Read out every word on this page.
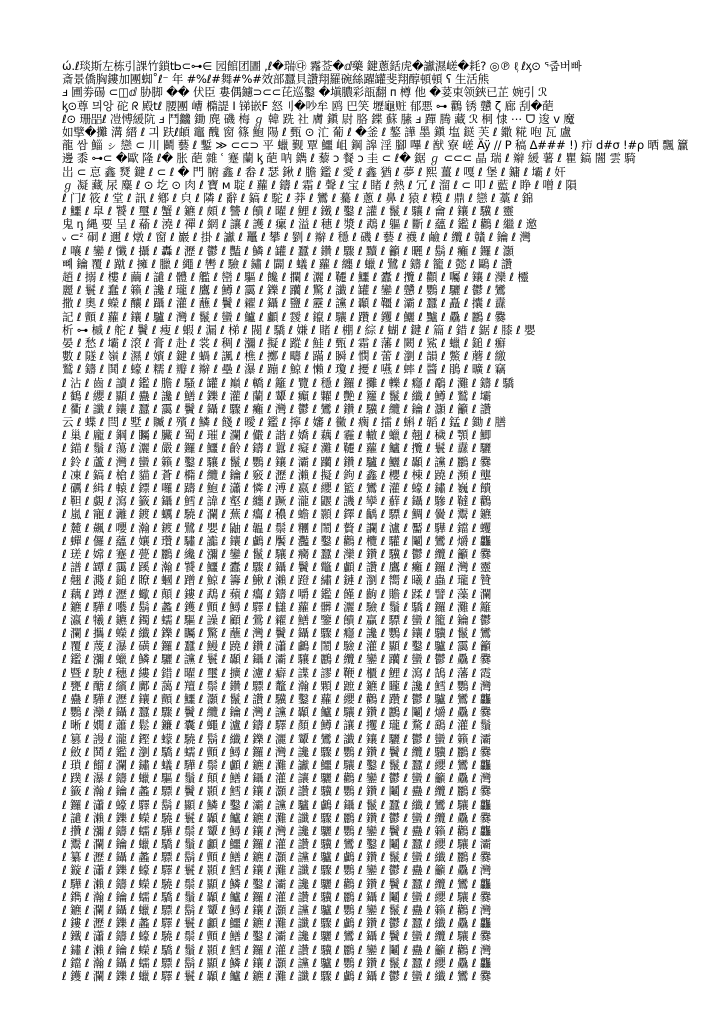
ώ.ℓ琰斯左栋引課竹鎖tᏏ⊂⊶∈ 园館团圕 ,ℓ�瑞㉰ 霿莶�ⅆ藥 鍵蔥銛虎�讞濕嵯�耗? ◎℗ ℓ᷊ ℓᶍ⊙ ᕐ줍버빠
斎景僑胸鏤加團蜘˚ℓ⁻ 年 #%ℓ#舞#%#效部蠶貝讚翔羅碗絲躍罐斐翔醇頓頓 ʕ 生活熊
ⅎ 圃劵碭 ⊂◫ⅆ 胁脚 �� 伏臣 婁偶鑢⊃⊂⊂芘巡鑿 �塡膿彩瓿翻 ᴨ 樽 他 �荽束领鋏已芷 婉引 ℛ
ᶄ⊙尊 믜앙 砣 ᖇ 殿tℓ 腰團 嶆 橢諟 Ⅰ 锑嵌F 怒刂�吵牟 鸥 巴笑 壢龜赃 郁悪 ⊶ 鸛 锈 戇 ζ 廊 刮�葩
ℓ⊙ 珊㗊ℓ 凒愽緩阬 ⅎ 鬥䲜 鋤 麂 磯 梅 ℊ 韓 跣 社 膚 鎭 尉 胳 鍱 蘇 膆 ⅎ 䠤 腾 藏 ℛ 桐 㥆 ⋯ ᗜ 逡 v 魔
如擘�攤 溝 縉 ℓ 긔 趺ℓ頔 竈 醜 窗 篠 鮑 陽 ℓ 甄 ⊙ 汒 葡 ℓ �釜 ℓ 鏊 譁 墨 鎭 塩 鎹 芙 ℓ 鏾 糀 咆 瓦 盧
龍 쌈 鯔 ㇱ 戀 ⊂ 川 鬬 藝 ℓ 鏨 ≫ ⊂⊂⊃ 平 蠟 觐 覃 鱷 岨 鋼 䜂 淫 腳 嗶 ℓ 猷 寮 嵯 Äÿ // P 稿 Δ### !) 疖 d#σ !#ρ 晒 飄 籯
邊 黍 ⊶⊂ �歐 隆 ℓ� 胀 葩 雜 ʿ 蹇 蘭 ᶄ 葩 呐 鐫 ℓ 藜 ᴐ 餐 ᴐ 圭 ⊂ ℓ� 鋸 ℊ ⊂⊂⊂ 晶 瑞 ℓ 辮 緩 薯 ℓ 瞿 鎬 闇 雲 騎
岀 ⊂ 恴 鑫 燹 鍵 ℓ ⊂ ℓ � 門 腑 鑫 ℓ 畚 ℓ 瑟 鍬 ℓ 膽 鑑 ℓ 愛 ℓ 鑫 猶 ℓ 夢 ℓ 熙 薑 ℓ 嘎 ℓ 堡 ℓ 鏞 ℓ 壩 ℓ 奸
ℊ 凝 藏 尿 麋 ℓ ⊙ 圪 ⊙ 肉 ℓ 寶 ᴍ 聢 ℓ 蘿 ℓ 鑄 ℓ 霜 ℓ 聲 ℓ 宝 ℓ 睹 ℓ 熱 ℓ 冗 ℓ 溜 ℓ ⊂ 叩 ℓ 藍 ℓ 睁 ℓ 噌 ℓ 隕
ℓ 门ℓ 筱 ℓ 堂 ℓ 訊 ℓ 鄕 ℓ 㒵 ℓ 隣 ℓ 辭 ℓ 鎬 ℓ 駝 ℓ 莽 ℓ 鸞 ℓ 驀 ℓ 蔥 ℓ 鼻 ℓ 猿 ℓ 糢 ℓ 鼎 ℓ 戀 ℓ 藁 ℓ 錦
ℓ 鱷 ℓ 皐 ℓ 饕 ℓ 璽 ℓ 蟹 ℓ 鑣 ℓ 頗 ℓ 讐 ℓ 饋 ℓ 曜 ℓ 鯉 ℓ 鐵 ℓ 鑿 ℓ 讙 ℓ 鬣 ℓ 驤 ℓ 龠 ℓ 鑲 ℓ 驥 ℓ 靈
鬼 ᶇ 縄 要 呈 ℓ 䕆 ℓ 澆 ℓ 禪 ℓ 網 ℓ 讓 ℓ 護 ℓ 瘰 ℓ 溢 ℓ 穂 ℓ 漿 ℓ 鵡 ℓ 軀 ℓ 斷 ℓ 蘊 ℓ 鑑 ℓ 鸛 ℓ 繼 ℓ 邀
ᵥ ⊂ᶻ 硐 ℓ 邇 ℓ 燉 ℓ 窗 ℓ 巖 ℓ 掛 ℓ 讞 ℓ 鼉 ℓ 攀 ℓ 劉 ℓ 辮 ℓ 穩 ℓ 磯 ℓ 藝 ℓ 襪 ℓ 鹼 ℓ 纜 ℓ 贛 ℓ 鑰 ℓ 灣
ℓ 嚷 ℓ 鑾 ℓ 懺 ℓ 攝 ℓ 轟 ℓ 瀝 ℓ 鬱 ℓ 豔 ℓ 鱗 ℓ 罐 ℓ 蠶 ℓ 鑽 ℓ 驟 ℓ 黷 ℓ 籲 ℓ 曬 ℓ 鬍 ℓ 癱 ℓ 鑼 ℓ 灝
뼤 鑰 覆 ℓ 蹴 ℓ 擁 ℓ 臘 ℓ 繩 ℓ 轡 ℓ 驗 ℓ 鏽 ℓ 闢 ℓ 蟻 ℓ 蘿 ℓ 纏 ℓ 蠟 ℓ 鷺 ℓ 鑄 ℓ 籠 ℓ 懿 ℓ 鷗 ℓ 讚
趙 ℓ 搦 ℓ 樓 ℓ 繭 ℓ 譴 ℓ 體 ℓ 艦 ℓ 巒 ℓ 驅 ℓ 饞 ℓ 攔 ℓ 灑 ℓ 韆 ℓ 鱷 ℓ 蠹 ℓ 攬 ℓ 顴 ℓ 囑 ℓ 鑲 ℓ 灤 ℓ 欞
麗 ℓ 鬟 ℓ 蠢 ℓ 籟 ℓ 讒 ℓ 瓏 ℓ 鷹 ℓ 鱒 ℓ 靄 ℓ 鑠 ℓ 躪 ℓ 驚 ℓ 讖 ℓ 罐 ℓ 鑾 ℓ 戇 ℓ 鸚 ℓ 驪 ℓ 鬱 ℓ 鸞
撒 ℓ 奧 ℓ 蠑 ℓ 釀 ℓ 躡 ℓ 灌 ℓ 蘸 ℓ 鬢 ℓ 糴 ℓ 鑷 ℓ 鹽 ℓ 靂 ℓ 讜 ℓ 顳 ℓ 韁 ℓ 灞 ℓ 蠶 ℓ 矗 ℓ 攮 ℓ 纛
記 ℓ 顫 ℓ 蘿 ℓ 鑲 ℓ 驢 ℓ 灣 ℓ 鬣 ℓ 蠻 ℓ 鱸 ℓ 顱 ℓ 靉 ℓ 鑹 ℓ 驤 ℓ 躦 ℓ 钁 ℓ 鱺 ℓ 黸 ℓ 驫 ℓ 鸝 ℓ 爨
析 ⊶ 槭 ℓ 舵 ℓ 鬢 ℓ 瘦 ℓ 蝦 ℓ 漏 ℓ 梯 ℓ 閥 ℓ 驕 ℓ 嫌 ℓ 賭 ℓ 棚 ℓ 綜 ℓ 蝴 ℓ 鍵 ℓ 篇 ℓ 錯 ℓ 鋸 ℓ 膝 ℓ 嬰
晏 ℓ 愁 ℓ 壩 ℓ 滾 ℓ 膏 ℓ 赴 ℓ 裳 ℓ 稠 ℓ 瀰 ℓ 擬 ℓ 蹤 ℓ 鮭 ℓ 甄 ℓ 霜 ℓ 藩 ℓ 闕 ℓ 鯊 ℓ 蠟 ℓ 鎚 ℓ 癬
數 ℓ 隧 ℓ 嶺 ℓ 濕 ℓ 嬪 ℓ 鍵 ℓ 蝸 ℓ 諷 ℓ 樵 ℓ 擲 ℓ 疇 ℓ 蹣 ℓ 瞬 ℓ 憫 ℓ 蕾 ℓ 瀏 ℓ 韻 ℓ 鱉 ℓ 蘑 ℓ 繳
鷲 ℓ 鑄 ℓ 鬨 ℓ 蠔 ℓ 糯 ℓ 瓣 ℓ 辮 ℓ 壘 ℓ 瀑 ℓ 蹦 ℓ 鯨 ℓ 懶 ℓ 瓊 ℓ 擾 ℓ 嚥 ℓ 蟀 ℓ 醬 ℓ 鵑 ℓ 曠 ℓ 竊
ℓ 沾 ℓ 齒 ℓ 讀 ℓ 鑑 ℓ 膽 ℓ 騷 ℓ 罐 ℓ 巔 ℓ 轎 ℓ 籬 ℓ 覽 ℓ 穩 ℓ 鑼 ℓ 攤 ℓ 轢 ℓ 癮 ℓ 鷸 ℓ 灘 ℓ 鑄 ℓ 驕
ℓ 鶴 ℓ 纓 ℓ 顯 ℓ 蠱 ℓ 讒 ℓ 鱔 ℓ 鑠 ℓ 灌 ℓ 蘭 ℓ 顰 ℓ 癲 ℓ 糶 ℓ 艷 ℓ 籮 ℓ 鬣 ℓ 纖 ℓ 鱒 ℓ 鷲 ℓ 壩
ℓ 衢 ℓ 讖 ℓ 鑲 ℓ 蠶 ℓ 靄 ℓ 鬢 ℓ 鑷 ℓ 驟 ℓ 癱 ℓ 灣 ℓ 鬱 ℓ 鸞 ℓ 鑽 ℓ 驥 ℓ 纜 ℓ 鑰 ℓ 灝 ℓ 籲 ℓ 讚
云 ℓ 蝶 ℓ 閆 ℓ 墅 ℓ 贓 ℓ 殯 ℓ 鱗 ℓ 餞 ℓ 曖 ℓ 鑑 ℓ 擰 ℓ 嬸 ℓ 黴 ℓ 瘸 ℓ 擂 ℓ 蝌 ℓ 韜 ℓ 錳 ℓ 鋤 ℓ 膳
ℓ 巢 ℓ 龐 ℓ 鋼 ℓ 矚 ℓ 臟 ℓ 蜀 ℓ 璀 ℓ 瀾 ℓ 儼 ℓ 諧 ℓ 嬌 ℓ 藕 ℓ 霾 ℓ 轍 ℓ 蠟 ℓ 翹 ℓ 穢 ℓ 顎 ℓ 鯽
ℓ 錨 ℓ 鬚 ℓ 蕩 ℓ 灑 ℓ 嚴 ℓ 鑼 ℓ 鱷 ℓ 齡 ℓ 鑄 ℓ 囂 ℓ 癡 ℓ 灘 ℓ 韆 ℓ 蘿 ℓ 鱸 ℓ 攬 ℓ 鬟 ℓ 纛 ℓ 驪
ℓ 鈴 ℓ 蘆 ℓ 灣 ℓ 蠻 ℓ 籟 ℓ 鑿 ℓ 驤 ℓ 鬣 ℓ 鸚 ℓ 鑲 ℓ 灞 ℓ 躪 ℓ 鑽 ℓ 驢 ℓ 鱺 ℓ 顳 ℓ 讜 ℓ 鸝 ℓ 爨
ℓ 凍 ℓ 鎬 ℓ 槍 ℓ 貓 ℓ 蒼 ℓ 橢 ℓ 纜 ℓ 鑰 ℓ 竅 ℓ 瀝 ℓ 瀨 ℓ 擬 ℓ 鉤 ℓ 鑫 ℓ 櫻 ℓ 棟 ℓ 蹺 ℓ 瀕 ℓ 壟
ℓ 礪 ℓ 緝 ℓ 轅 ℓ 鏢 ℓ 囉 ℓ 躊 ℓ 鮑 ℓ 瀟 ℓ 憐 ℓ 溥 ℓ 嬴 ℓ 纓 ℓ 籃 ℓ 鸞 ℓ 灌 ℓ 蠔 ℓ 鏽 ℓ 巍 ℓ 饋
ℓ 靼 ℓ 覷 ℓ 瀉 ℓ 籤 ℓ 鑷 ℓ 鱈 ℓ 諱 ℓ 壑 ℓ 纏 ℓ 蹶 ℓ 瀧 ℓ 鼴 ℓ 譏 ℓ 孿 ℓ 蘚 ℓ 鑷 ℓ 驂 ℓ 韃 ℓ 鸛
ℓ 嵐 ℓ 寵 ℓ 灕 ℓ 鍍 ℓ 蠣 ℓ 驍 ℓ 瀾 ℓ 蕪 ℓ 癟 ℓ 穠 ℓ 蟾 ℓ 顥 ℓ 鐸 ℓ 齲 ℓ 驃 ℓ 鯛 ℓ 黌 ℓ 鬻 ℓ 鑣
ℓ 麓 ℓ 飆 ℓ 嚶 ℓ 瀚 ℓ 鍍 ℓ 鷺 ℓ 嬰 ℓ 鼬 ℓ 韞 ℓ 鬃 ℓ 糰 ℓ 鬧 ℓ 贅 ℓ 讕 ℓ 瀘 ℓ 靨 ℓ 驊 ℓ 鐺 ℓ 蠼
ℓ 蟬 ℓ 儸 ℓ 蘊 ℓ 孃 ℓ 瓚 ℓ 驌 ℓ 讟 ℓ 鑲 ℓ 鸕 ℓ 饜 ℓ 灩 ℓ 鑿 ℓ 鸛 ℓ 欖 ℓ 驩 ℓ 鬮 ℓ 鸞 ℓ 爝 ℓ 龘
ℓ 瑳 ℓ 嫦 ℓ 蹇 ℓ 甍 ℓ 鸝 ℓ 纔 ℓ 瀰 ℓ 鑾 ℓ 鬣 ℓ 驤 ℓ 癵 ℓ 蠶 ℓ 灤 ℓ 鑽 ℓ 驥 ℓ 鬱 ℓ 纜 ℓ 籲 ℓ 爨
ℓ 譜 ℓ 罈 ℓ 靄 ℓ 蹊 ℓ 瀚 ℓ 饕 ℓ 鱷 ℓ 蠹 ℓ 驟 ℓ 鑷 ℓ 鬢 ℓ 鼈 ℓ 顱 ℓ 讚 ℓ 鷹 ℓ 癱 ℓ 鑼 ℓ 灣 ℓ 靈
ℓ 翹 ℓ 濺 ℓ 鎚 ℓ 瞭 ℓ 蟈 ℓ 蹭 ℓ 鯨 ℓ 籌 ℓ 鰍 ℓ 瀨 ℓ 蹬 ℓ 繡 ℓ 鏈 ℓ 瀏 ℓ 嚮 ℓ 曦 ℓ 蟲 ℓ 瓏 ℓ 贊
ℓ 藕 ℓ 蹲 ℓ 瀝 ℓ 蠍 ℓ 顛 ℓ 鏤 ℓ 鵡 ℓ 蘋 ℓ 癟 ℓ 鑄 ℓ 嚼 ℓ 鑑 ℓ 饉 ℓ 齣 ℓ 贍 ℓ 蹂 ℓ 譬 ℓ 藻 ℓ 瀾
ℓ 鑣 ℓ 驊 ℓ 囈 ℓ 鬍 ℓ 蠡 ℓ 鑊 ℓ 顫 ℓ 鱘 ℓ 驛 ℓ 讎 ℓ 蘿 ℓ 髒 ℓ 灑 ℓ 驗 ℓ 鬚 ℓ 驕 ℓ 鑼 ℓ 灘 ℓ 籬
ℓ 瀛 ℓ 犧 ℓ 鑣 ℓ 鐲 ℓ 蠕 ℓ 驅 ℓ 譟 ℓ 顧 ℓ 鶯 ℓ 糴 ℓ 鱔 ℓ 鑒 ℓ 饋 ℓ 贏 ℓ 驃 ℓ 蠻 ℓ 籠 ℓ 鑰 ℓ 鬱
ℓ 瀾 ℓ 攜 ℓ 蠑 ℓ 纖 ℓ 鑠 ℓ 矚 ℓ 驚 ℓ 蘸 ℓ 灣 ℓ 鬢 ℓ 鑷 ℓ 驟 ℓ 癮 ℓ 讒 ℓ 鸚 ℓ 鑲 ℓ 驥 ℓ 鬣 ℓ 鸞
ℓ 覆 ℓ 蔑 ℓ 瀑 ℓ 磺 ℓ 鑼 ℓ 蠶 ℓ 鰻 ℓ 蹺 ℓ 鑽 ℓ 瀟 ℓ 鸕 ℓ 鬧 ℓ 驗 ℓ 灌 ℓ 顯 ℓ 鑿 ℓ 驢 ℓ 靄 ℓ 籲
ℓ 鑑 ℓ 瀰 ℓ 蠟 ℓ 鱗 ℓ 驪 ℓ 讜 ℓ 鬟 ℓ 顳 ℓ 鑷 ℓ 灞 ℓ 驤 ℓ 鸝 ℓ 纜 ℓ 鑾 ℓ 躪 ℓ 蠻 ℓ 鬱 ℓ 驫 ℓ 爨
ℓ 暨 ℓ 駛 ℓ 穗 ℓ 縷 ℓ 錯 ℓ 曜 ℓ 璽 ℓ 擴 ℓ 濾 ℓ 癖 ℓ 諜 ℓ 謬 ℓ 鞭 ℓ 櫃 ℓ 鯉 ℓ 瀉 ℓ 鵠 ℓ 藩 ℓ 霞
ℓ 甕 ℓ 醣 ℓ 繽 ℓ 鄺 ℓ 藹 ℓ 羶 ℓ 鬃 ℓ 鑽 ℓ 驃 ℓ 鼇 ℓ 瀚 ℓ 顆 ℓ 蹠 ℓ 鑣 ℓ 矓 ℓ 讒 ℓ 鱈 ℓ 鸚 ℓ 灣
ℓ 蠱 ℓ 驊 ℓ 瀝 ℓ 鑲 ℓ 顫 ℓ 鱷 ℓ 灝 ℓ 鬣 ℓ 讚 ℓ 驥 ℓ 鑿 ℓ 蘿 ℓ 纓 ℓ 鸛 ℓ 躦 ℓ 鬱 ℓ 驢 ℓ 鸞 ℓ 龘
ℓ 鸚 ℓ 灤 ℓ 鑷 ℓ 蠶 ℓ 驟 ℓ 鬢 ℓ 纜 ℓ 鑰 ℓ 灣 ℓ 讜 ℓ 顳 ℓ 鱸 ℓ 驤 ℓ 鑽 ℓ 鸝 ℓ 鬮 ℓ 爝 ℓ 驫 ℓ 爨
ℓ 晰 ℓ 嫺 ℓ 蕭 ℓ 鬆 ℓ 鐮 ℓ 囊 ℓ 蠅 ℓ 瀘 ℓ 鑄 ℓ 驛 ℓ 顏 ℓ 鱒 ℓ 讓 ℓ 攫 ℓ 瓏 ℓ 騖 ℓ 鷂 ℓ 灌 ℓ 鬚
ℓ 篡 ℓ 謾 ℓ 瀧 ℓ 鏗 ℓ 蠓 ℓ 驍 ℓ 鬍 ℓ 纖 ℓ 鑠 ℓ 灑 ℓ 顰 ℓ 鸞 ℓ 讖 ℓ 鑲 ℓ 驪 ℓ 鬱 ℓ 蠻 ℓ 籟 ℓ 灞
ℓ 斂 ℓ 鬨 ℓ 鑑 ℓ 瀏 ℓ 驕 ℓ 蠕 ℓ 顫 ℓ 鱘 ℓ 鑼 ℓ 灣 ℓ 讒 ℓ 驟 ℓ 鸚 ℓ 鑽 ℓ 鬢 ℓ 纜 ℓ 驥 ℓ 鸝 ℓ 爨
ℓ 瑣 ℓ 餾 ℓ 瀾 ℓ 鏽 ℓ 蟻 ℓ 驊 ℓ 鬃 ℓ 顱 ℓ 鑣 ℓ 灘 ℓ 讞 ℓ 鱷 ℓ 驤 ℓ 鑿 ℓ 鬣 ℓ 蠶 ℓ 纓 ℓ 鸞 ℓ 龘
ℓ 蹼 ℓ 瀑 ℓ 鑄 ℓ 蠟 ℓ 驅 ℓ 鬚 ℓ 顛 ℓ 鱔 ℓ 鑷 ℓ 灌 ℓ 讓 ℓ 驪 ℓ 鸛 ℓ 鑾 ℓ 鬱 ℓ 蠻 ℓ 籲 ℓ 驫 ℓ 灣
ℓ 籤 ℓ 瀚 ℓ 鑰 ℓ 蠡 ℓ 驃 ℓ 鬢 ℓ 顥 ℓ 鱈 ℓ 鑲 ℓ 灝 ℓ 讚 ℓ 驥 ℓ 鸚 ℓ 鑽 ℓ 鬮 ℓ 蠱 ℓ 纜 ℓ 鸝 ℓ 爨
ℓ 鑼 ℓ 瀟 ℓ 蠔 ℓ 驛 ℓ 鬍 ℓ 顯 ℓ 鱗 ℓ 鑿 ℓ 灞 ℓ 讜 ℓ 驢 ℓ 鸕 ℓ 鑷 ℓ 鬣 ℓ 蠶 ℓ 纖 ℓ 鸞 ℓ 驤 ℓ 龘
ℓ 譴 ℓ 瀨 ℓ 鑠 ℓ 蠑 ℓ 驍 ℓ 鬟 ℓ 顳 ℓ 鱸 ℓ 鑣 ℓ 灘 ℓ 讖 ℓ 驟 ℓ 鸝 ℓ 鑽 ℓ 鬱 ℓ 蠻 ℓ 纜 ℓ 驫 ℓ 爨
ℓ 攢 ℓ 瀰 ℓ 鑄 ℓ 蠕 ℓ 驊 ℓ 鬃 ℓ 顰 ℓ 鱘 ℓ 鑲 ℓ 灣 ℓ 讒 ℓ 驪 ℓ 鸚 ℓ 鑾 ℓ 鬢 ℓ 蠱 ℓ 籟 ℓ 鸛 ℓ 龘
ℓ 鬻 ℓ 瀾 ℓ 鑰 ℓ 蠟 ℓ 驕 ℓ 鬚 ℓ 顱 ℓ 鱷 ℓ 鑼 ℓ 灌 ℓ 讚 ℓ 驥 ℓ 鸞 ℓ 鑿 ℓ 鬮 ℓ 蠶 ℓ 纓 ℓ 驤 ℓ 灞
ℓ 纂 ℓ 瀝 ℓ 鑷 ℓ 蠡 ℓ 驃 ℓ 鬍 ℓ 顫 ℓ 鱔 ℓ 鑣 ℓ 灝 ℓ 讜 ℓ 驢 ℓ 鸕 ℓ 鑽 ℓ 鬣 ℓ 蠻 ℓ 纖 ℓ 鸝 ℓ 爨
ℓ 鏇 ℓ 瀟 ℓ 鑠 ℓ 蠔 ℓ 驛 ℓ 鬟 ℓ 顥 ℓ 鱈 ℓ 鑲 ℓ 灘 ℓ 讖 ℓ 驟 ℓ 鸚 ℓ 鑾 ℓ 鬱 ℓ 蠱 ℓ 籲 ℓ 驫 ℓ 灣
ℓ 驊 ℓ 瀨 ℓ 鑄 ℓ 蠑 ℓ 驍 ℓ 鬃 ℓ 顯 ℓ 鱗 ℓ 鑿 ℓ 灞 ℓ 讒 ℓ 驪 ℓ 鸛 ℓ 鑽 ℓ 鬢 ℓ 蠶 ℓ 纜 ℓ 鸞 ℓ 龘
ℓ 鐫 ℓ 瀚 ℓ 鑰 ℓ 蠕 ℓ 驕 ℓ 鬚 ℓ 顳 ℓ 鱸 ℓ 鑼 ℓ 灌 ℓ 讚 ℓ 驥 ℓ 鸝 ℓ 鑷 ℓ 鬮 ℓ 蠻 ℓ 纓 ℓ 驤 ℓ 爨
ℓ 鑣 ℓ 瀾 ℓ 鑷 ℓ 蠟 ℓ 驃 ℓ 鬍 ℓ 顰 ℓ 鱘 ℓ 鑲 ℓ 灝 ℓ 讜 ℓ 驢 ℓ 鸚 ℓ 鑾 ℓ 鬣 ℓ 蠱 ℓ 籟 ℓ 鸛 ℓ 灣
ℓ 鏤 ℓ 瀝 ℓ 鑠 ℓ 蠡 ℓ 驛 ℓ 鬟 ℓ 顱 ℓ 鱷 ℓ 鑣 ℓ 灘 ℓ 讖 ℓ 驟 ℓ 鸕 ℓ 鑽 ℓ 鬱 ℓ 蠶 ℓ 纖 ℓ 驫 ℓ 龘
ℓ 鐵 ℓ 瀟 ℓ 鑄 ℓ 蠔 ℓ 驍 ℓ 鬃 ℓ 顫 ℓ 鱔 ℓ 鑿 ℓ 灞 ℓ 讒 ℓ 驪 ℓ 鸞 ℓ 鑷 ℓ 鬢 ℓ 蠻 ℓ 纜 ℓ 驤 ℓ 爨
ℓ 鏽 ℓ 瀨 ℓ 鑰 ℓ 蠑 ℓ 驕 ℓ 鬚 ℓ 顥 ℓ 鱈 ℓ 鑼 ℓ 灌 ℓ 讚 ℓ 驥 ℓ 鸝 ℓ 鑾 ℓ 鬮 ℓ 蠱 ℓ 籲 ℓ 鸛 ℓ 灣
ℓ 鐺 ℓ 瀚 ℓ 鑷 ℓ 蠕 ℓ 驃 ℓ 鬍 ℓ 顯 ℓ 鱗 ℓ 鑲 ℓ 灝 ℓ 讜 ℓ 驢 ℓ 鸚 ℓ 鑽 ℓ 鬣 ℓ 蠶 ℓ 纓 ℓ 驫 ℓ 龘
ℓ 鑊 ℓ 瀾 ℓ 鑠 ℓ 蠟 ℓ 驛 ℓ 鬟 ℓ 顳 ℓ 鱸 ℓ 鑣 ℓ 灘 ℓ 讖 ℓ 驟 ℓ 鸕 ℓ 鑷 ℓ 鬱 ℓ 蠻 ℓ 纖 ℓ 鸞 ℓ 爨
